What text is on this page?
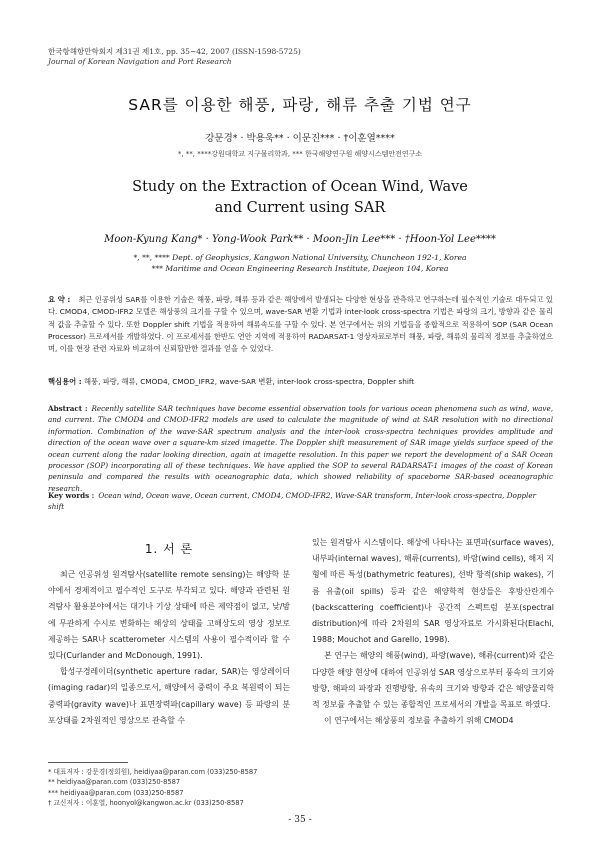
한국항해항만학회지 제31권 제1호, pp. 35~42, 2007 (ISSN-1598-5725)
Journal of Korean Navigation and Port Research
SAR를 이용한 해풍, 파랑, 해류 추출 기법 연구
강문경* · 박용욱** · 이문진*** · †이훈열****
*, **, ****강원대학교 지구물리학과, *** 한국해양연구원 해양시스템안전연구소
Study on the Extraction of Ocean Wind, Wave
and Current using SAR
Moon-Kyung Kang* · Yong-Wook Park** · Moon-Jin Lee*** · †Hoon-Yol Lee****
*, **, **** Dept. of Geophysics, Kangwon National University, Chuncheon 192-1, Korea
*** Maritime and Ocean Engineering Research Institute, Daejeon 104, Korea
요 약 : 최근 인공위성 SAR를 이용한 기술은 해풍, 파랑, 해류 등과 같은 해양에서 발생되는 다양한 현상을 관측하고 연구하는데 필수적인 기술로 대두되고 있다. CMOD4, CMOD-IFR2 모델은 해상풍의 크기를 구할 수 있으며, wave-SAR 변환 기법과 inter-look cross-spectra 기법은 파랑의 크기, 방향과 같은 물리적 값을 추출할 수 있다. 또한 Doppler shift 기법을 적용하여 해류속도를 구할 수 있다. 본 연구에서는 위의 기법들을 종합적으로 적용하여 SOP (SAR Ocean Processor) 프로세서를 개발하였다. 이 프로세서를 한반도 연안 지역에 적용하여 RADARSAT-1 영상자료로부터 해풍, 파랑, 해류의 물리적 정보를 추출하였으며, 이를 현장 관련 자료와 비교하여 신뢰할만한 결과를 얻을 수 있었다.
핵심용어 : 해풍, 파랑, 해류, CMOD4, CMOD_IFR2, wave-SAR 변환, inter-look cross-spectra, Doppler shift
Abstract : Recently satellite SAR techniques have become essential observation tools for various ocean phenomena such as wind, wave, and current. The CMOD4 and CMOD-IFR2 models are used to calculate the magnitude of wind at SAR resolution with no directional information. Combination of the wave-SAR spectrum analysis and the inter-look cross-spectra techniques provides amplitude and direction of the ocean wave over a square-km sized imagette. The Doppler shift measurement of SAR image yields surface speed of the ocean current along the radar looking direction, again at imagette resolution. In this paper we report the development of a SAR Ocean processor (SOP) incorporating all of these techniques. We have applied the SOP to several RADARSAT-1 images of the coast of Korean peninsula and compared the results with oceanographic data, which showed reliability of spaceborne SAR-based oceanographic research.
Key words : Ocean wind, Ocean wave, Ocean current, CMOD4, CMOD-IFR2, Wave-SAR transform, Inter-look cross-spectra, Doppler shift
1. 서 론

최근 인공위성 원격탐사(satellite remote sensing)는 해양학 분야에서 경제적이고 필수적인 도구로 부각되고 있다. 해양과 관련된 원격탐사 활용분야에서는 대기나 기상 상태에 따른 제약점이 없고, 낮/밤에 무관하게 수시로 변화하는 해상의 상태를 고해상도의 영상 정보로 제공하는 SAR나 scatterometer 시스템의 사용이 필수적이라 할 수 있다(Curlander and McDonough, 1991).

합성구경레이더(synthetic aperture radar, SAR)는 영상레이더(imaging radar)의 일종으로서, 해양에서 중력이 주요 복원력이 되는 중력파(gravity wave)나 표면장력파(capillary wave) 등 파랑의 분포상태를 2차원적인 영상으로 관측할 수

있는 원격탐사 시스템이다. 해상에 나타나는 표면파(surface waves), 내부파(internal waves), 해류(currents), 바람(wind cells), 해저 지형에 따른 특성(bathymetric features), 선박 항적(ship wakes), 기름 유출(oil spills) 등과 같은 해양학적 현상들은 후방산란계수(backscattering coefficient)나 공간적 스펙트럼 분포(spectral distribution)에 따라 2차원의 SAR 영상자료로 가시화된다(Elachi, 1988; Mouchot and Garello, 1998).

본 연구는 해양의 해풍(wind), 파랑(wave), 해류(current)와 같은 다양한 해양 현상에 대하여 인공위성 SAR 영상으로부터 풍속의 크기와 방향, 해파의 파장과 진행방향, 유속의 크기와 방향과 같은 해양물리학적 정보를 추출할 수 있는 종합적인 프로세서의 개발을 목표로 하였다.

이 연구에서는 해상풍의 정보를 추출하기 위해 CMOD4

* 대표저자 : 강문경(정회원), heidiyaa@paran.com (033)250-8587
** heidiyaa@paran.com (033)250-8587
*** heidiyaa@paran.com (033)250-8587
† 교신저자 : 이훈열, hoonyol@kangwon.ac.kr (033)250-8587
- 35 -
